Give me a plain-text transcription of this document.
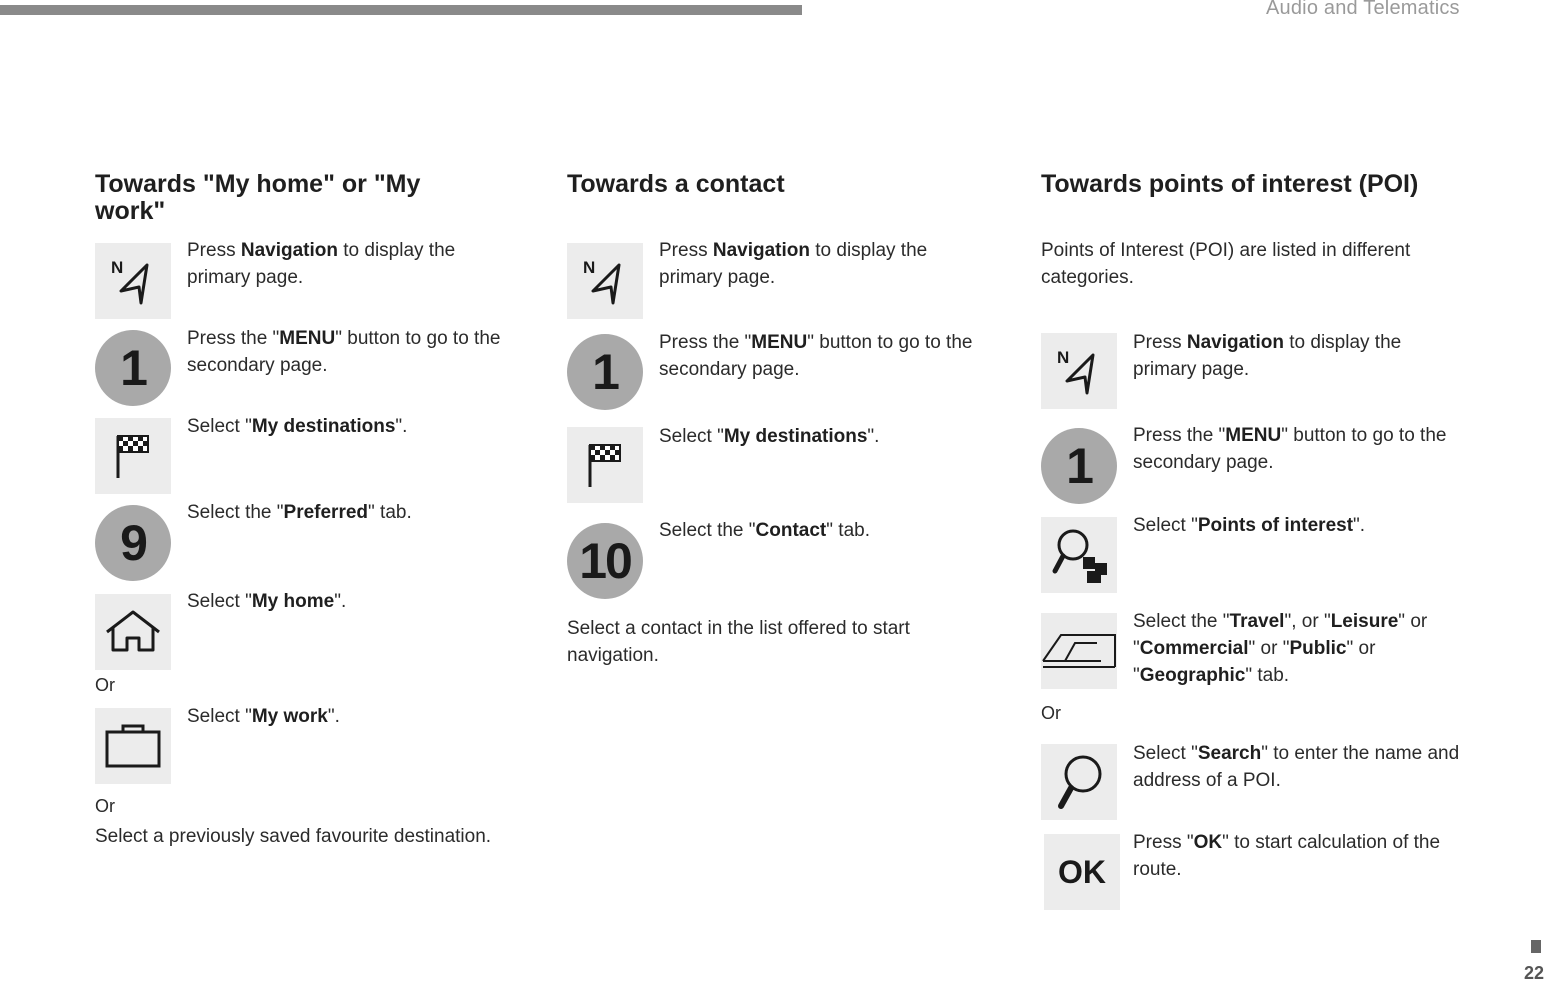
Audio and Telematics
Towards "My home" or "My work"
N
Press Navigation to display the primary page.
1
Press the "MENU" button to go to the secondary page.
Select "My destinations".
9
Select the "Preferred" tab.
Select "My home".
Or
Select "My work".
Or
Select a previously saved favourite destination.
Towards a contact
N
Press Navigation to display the primary page.
1
Press the "MENU" button to go to the secondary page.
Select "My destinations".
10
Select the "Contact" tab.
Select a contact in the list offered to start navigation.
Towards points of interest (POI)
Points of Interest (POI) are listed in different categories.
N
Press Navigation to display the primary page.
1
Press the "MENU" button to go to the secondary page.
Select "Points of interest".
Select the "Travel", or "Leisure" or "Commercial" or "Public" or "Geographic" tab.
Or
Select "Search" to enter the name and address of a POI.
OK
Press "OK" to start calculation of the route.
22
